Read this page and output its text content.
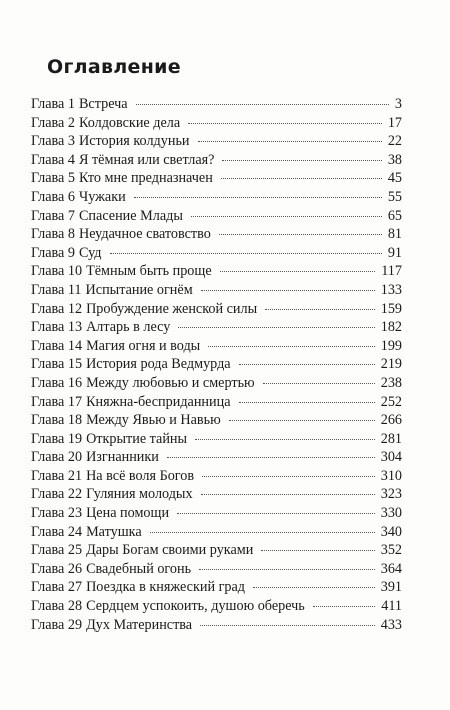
Оглавление
Глава 1 Встреча	3
Глава 2 Колдовские дела	17
Глава 3 История колдуньи	22
Глава 4 Я тёмная или светлая?	38
Глава 5 Кто мне предназначен	45
Глава 6 Чужаки	55
Глава 7 Спасение Млады	65
Глава 8 Неудачное сватовство	81
Глава 9 Суд	91
Глава 10 Тёмным быть проще	117
Глава 11 Испытание огнём	133
Глава 12 Пробуждение женской силы	159
Глава 13 Алтарь в лесу	182
Глава 14 Магия огня и воды	199
Глава 15 История рода Ведмурда	219
Глава 16 Между любовью и смертью	238
Глава 17 Княжна-бесприданница	252
Глава 18 Между Явью и Навью	266
Глава 19 Открытие тайны	281
Глава 20 Изгнанники	304
Глава 21 На всё воля Богов	310
Глава 22 Гуляния молодых	323
Глава 23 Цена помощи	330
Глава 24 Матушка	340
Глава 25 Дары Богам своими руками	352
Глава 26 Свадебный огонь	364
Глава 27 Поездка в княжеский град	391
Глава 28 Сердцем успокоить, душою оберечь	411
Глава 29 Дух Материнства	433
